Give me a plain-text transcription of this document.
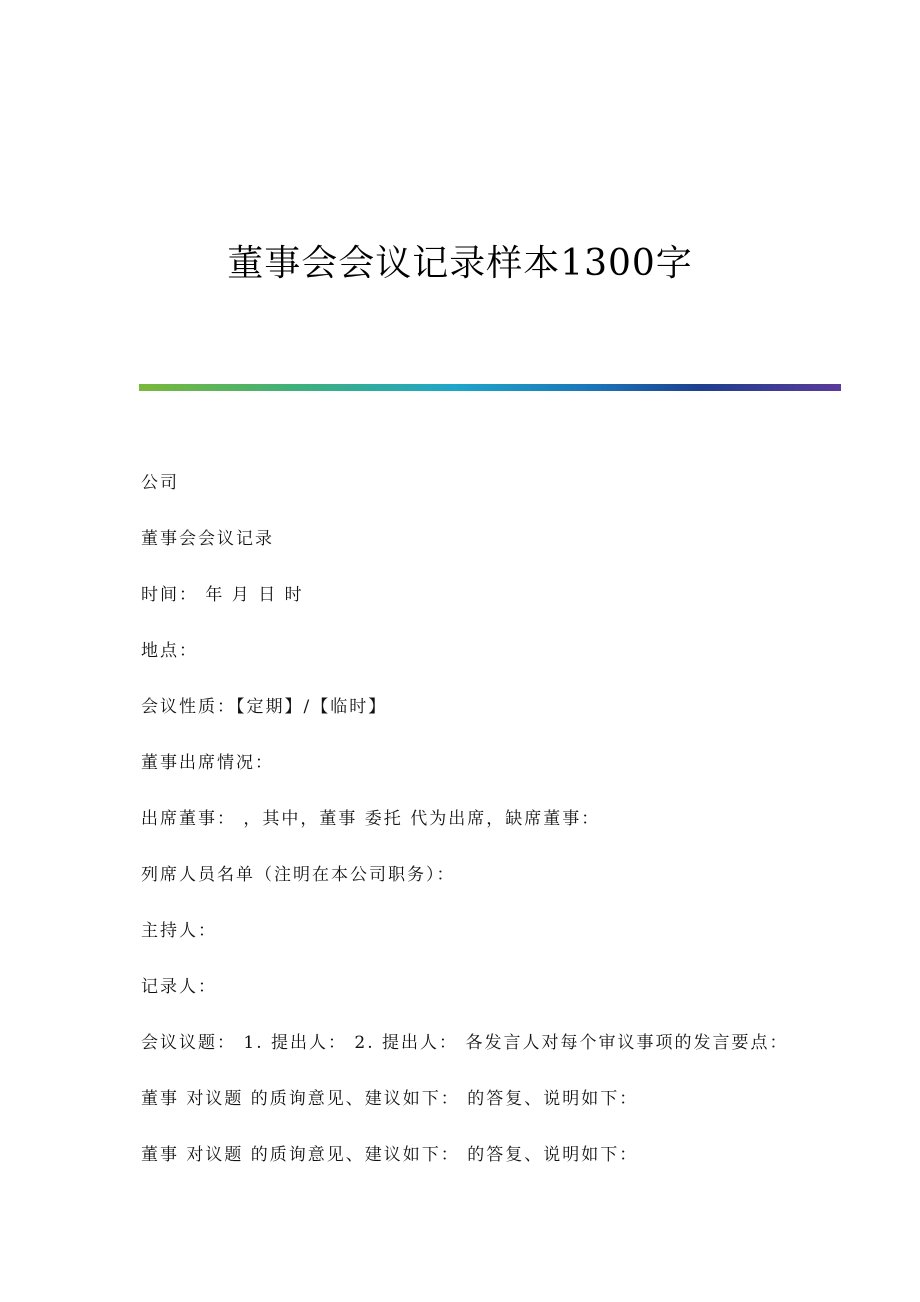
董事会会议记录样本1300字
公司
董事会会议记录
时间： 年 月 日 时
地点：
会议性质：【定期】/【临时】
董事出席情况：
出席董事： ，其中，董事 委托 代为出席，缺席董事：
列席人员名单（注明在本公司职务）：
主持人：
记录人：
会议议题： 1. 提出人： 2. 提出人： 各发言人对每个审议事项的发言要点：
董事 对议题 的质询意见、建议如下： 的答复、说明如下：
董事 对议题 的质询意见、建议如下： 的答复、说明如下：
